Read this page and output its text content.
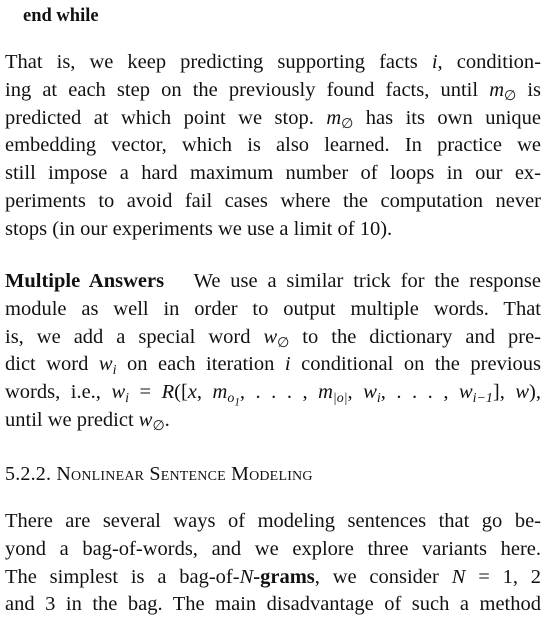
end while
That is, we keep predicting supporting facts i, condition-
ing at each step on the previously found facts, until $m_\emptyset$ is
predicted at which point we stop. $m_\emptyset$ has its own unique
embedding vector, which is also learned. In practice we
still impose a hard maximum number of loops in our ex-
periments to avoid fail cases where the computation never
stops (in our experiments we use a limit of 10).
Multiple Answers We use a similar trick for the response
module as well in order to output multiple words. That
is, we add a special word $w_\emptyset$ to the dictionary and pre-
dict word $w_i$ on each iteration i conditional on the previous
words, i.e., $w_i = R([x$, $m_{o_1}$, . . . , $m_{|o|}$, $w_i$, . . . , $w_{i-1}$], w),
until we predict $w_\emptyset$.
5.2.2. Nonlinear Sentence Modeling
There are several ways of modeling sentences that go be-
yond a bag-of-words, and we explore three variants here.
The simplest is a bag-of-N-grams, we consider N = 1, 2
and 3 in the bag. The main disadvantage of such a method
